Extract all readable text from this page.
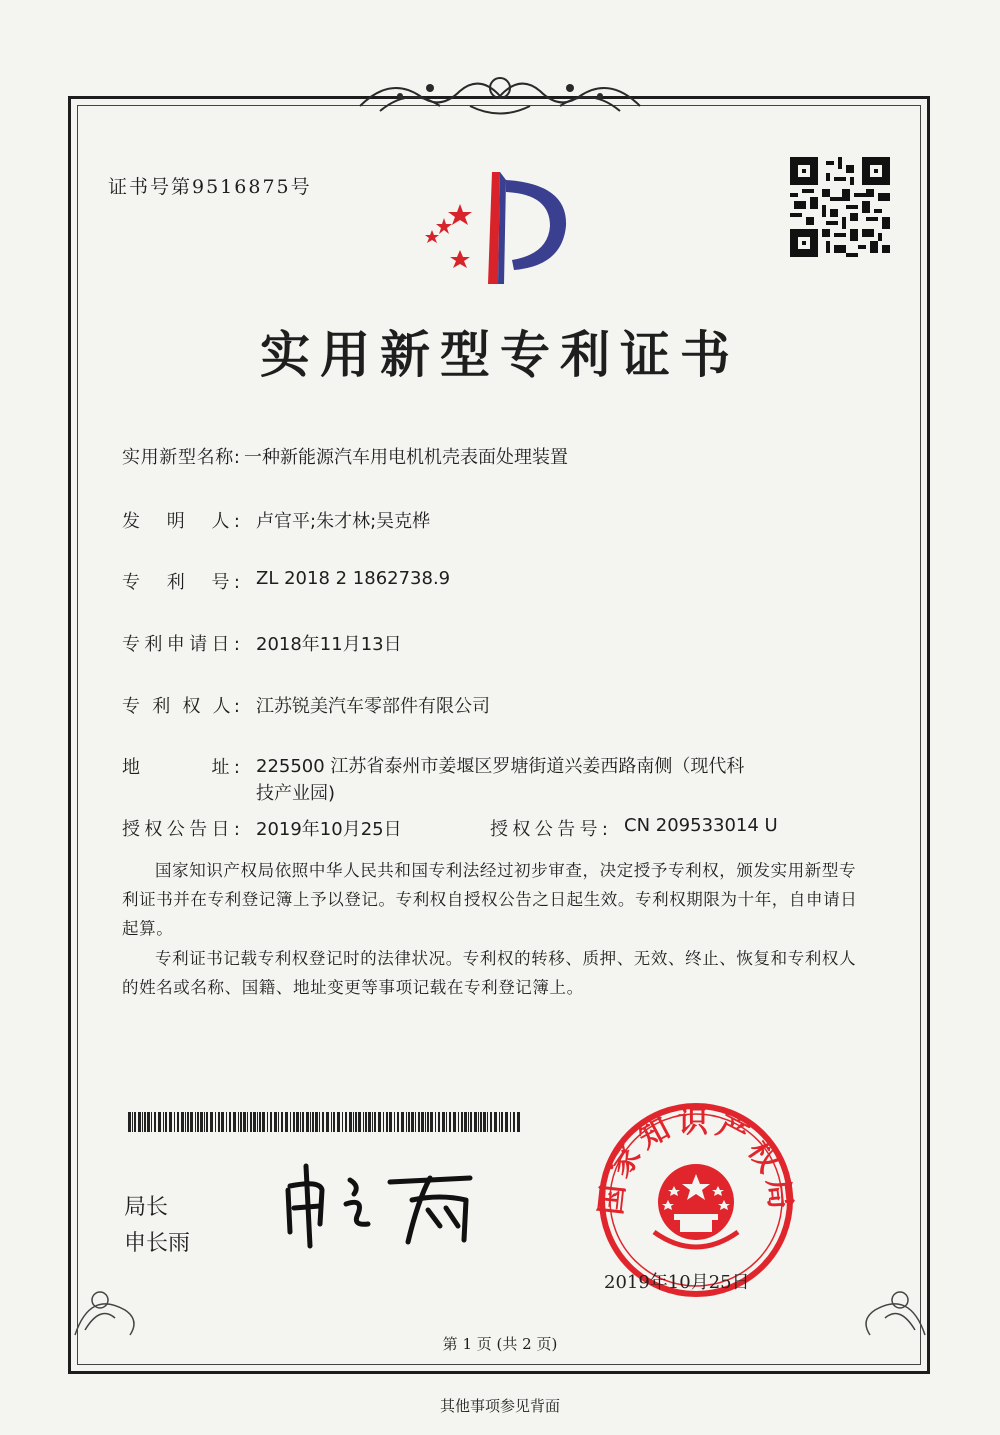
证书号第9516875号
实用新型专利证书
实用新型名称: 一种新能源汽车用电机机壳表面处理装置
发　明　人: 卢官平;朱才林;吴克桦
专　利　号: ZL 2018 2 1862738.9
专利申请日: 2018年11月13日
专 利 权 人: 江苏锐美汽车零部件有限公司
地　　　址: 225500 江苏省泰州市姜堰区罗塘街道兴姜西路南侧（现代科技产业园)
授权公告日: 2019年10月25日	授权公告号: CN 209533014 U
国家知识产权局依照中华人民共和国专利法经过初步审查，决定授予专利权，颁发实用新型专利证书并在专利登记簿上予以登记。专利权自授权公告之日起生效。专利权期限为十年，自申请日起算。
专利证书记载专利权登记时的法律状况。专利权的转移、质押、无效、终止、恢复和专利权人的姓名或名称、国籍、地址变更等事项记载在专利登记簿上。
局长
申长雨
国家知识产权局
2019年10月25日
第 1 页 (共 2 页)
其他事项参见背面
